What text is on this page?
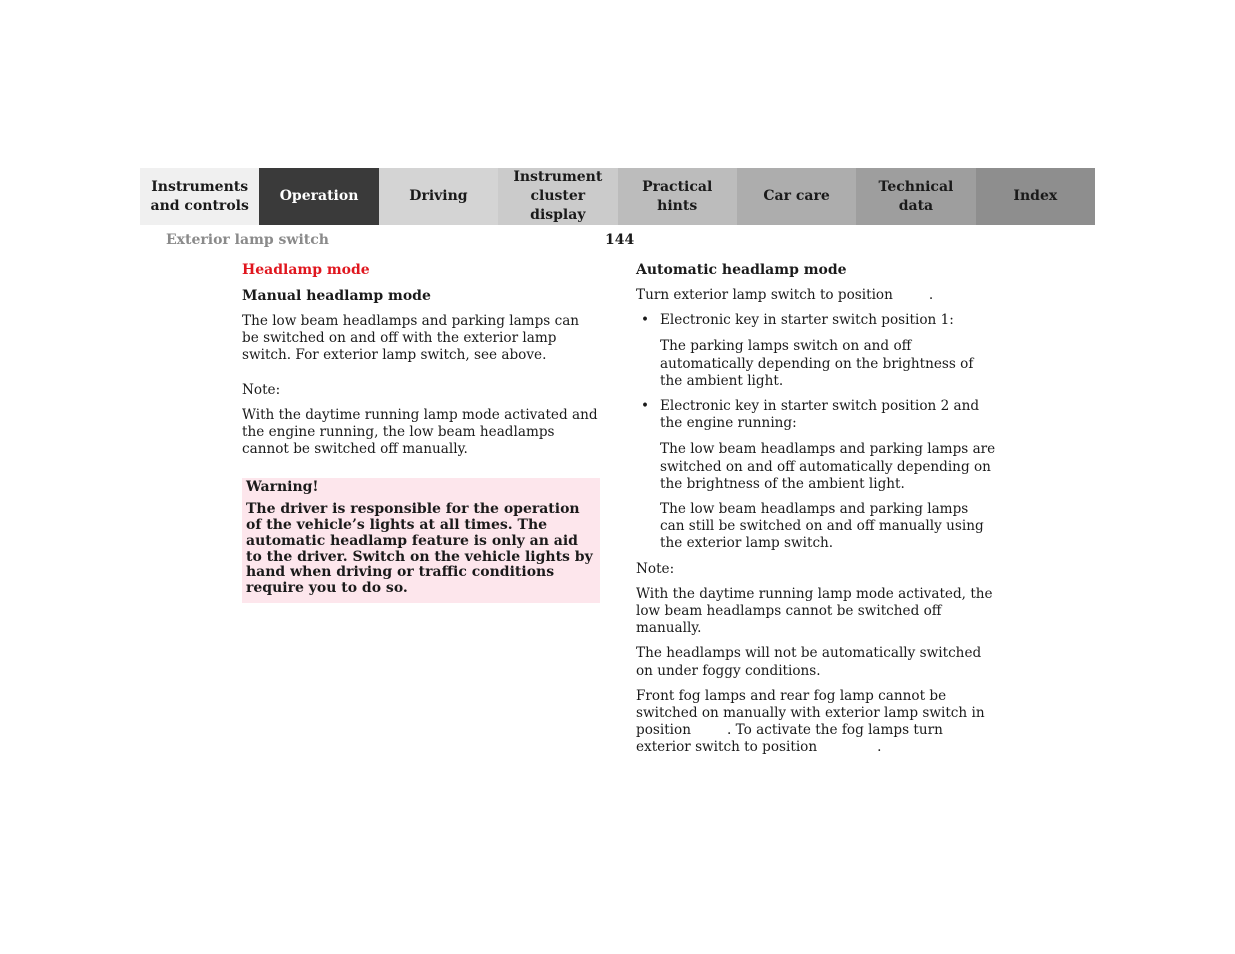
Instruments
and controls
Operation	Driving
Instrument
cluster display
Practical hints
Car care
Technical
data
Index
Exterior lamp switch	144

Headlamp mode

Manual headlamp mode

The low beam headlamps and parking lamps can be switched on and off with the exterior lamp switch. For exterior lamp switch, see above.

Note:

With the daytime running lamp mode activated and the engine running, the low beam headlamps cannot be switched off manually.

Warning!

The driver is responsible for the operation of the vehicle’s lights at all times. The automatic headlamp feature is only an aid to the driver. Switch on the vehicle lights by hand when driving or traffic conditions require you to do so.

Automatic headlamp mode

Turn exterior lamp switch to position	.

• Electronic key in starter switch position 1:

The parking lamps switch on and off automatically depending on the brightness of the ambient light.

• Electronic key in starter switch position 2 and the engine running:

The low beam headlamps and parking lamps are switched on and off automatically depending on the brightness of the ambient light.

The low beam headlamps and parking lamps can still be switched on and off manually using the exterior lamp switch.

Note:

With the daytime running lamp mode activated, the low beam headlamps cannot be switched off manually.

The headlamps will not be automatically switched on under foggy conditions.

Front fog lamps and rear fog lamp cannot be switched on manually with exterior lamp switch in position	. To activate the fog lamps turn exterior switch to position	.
